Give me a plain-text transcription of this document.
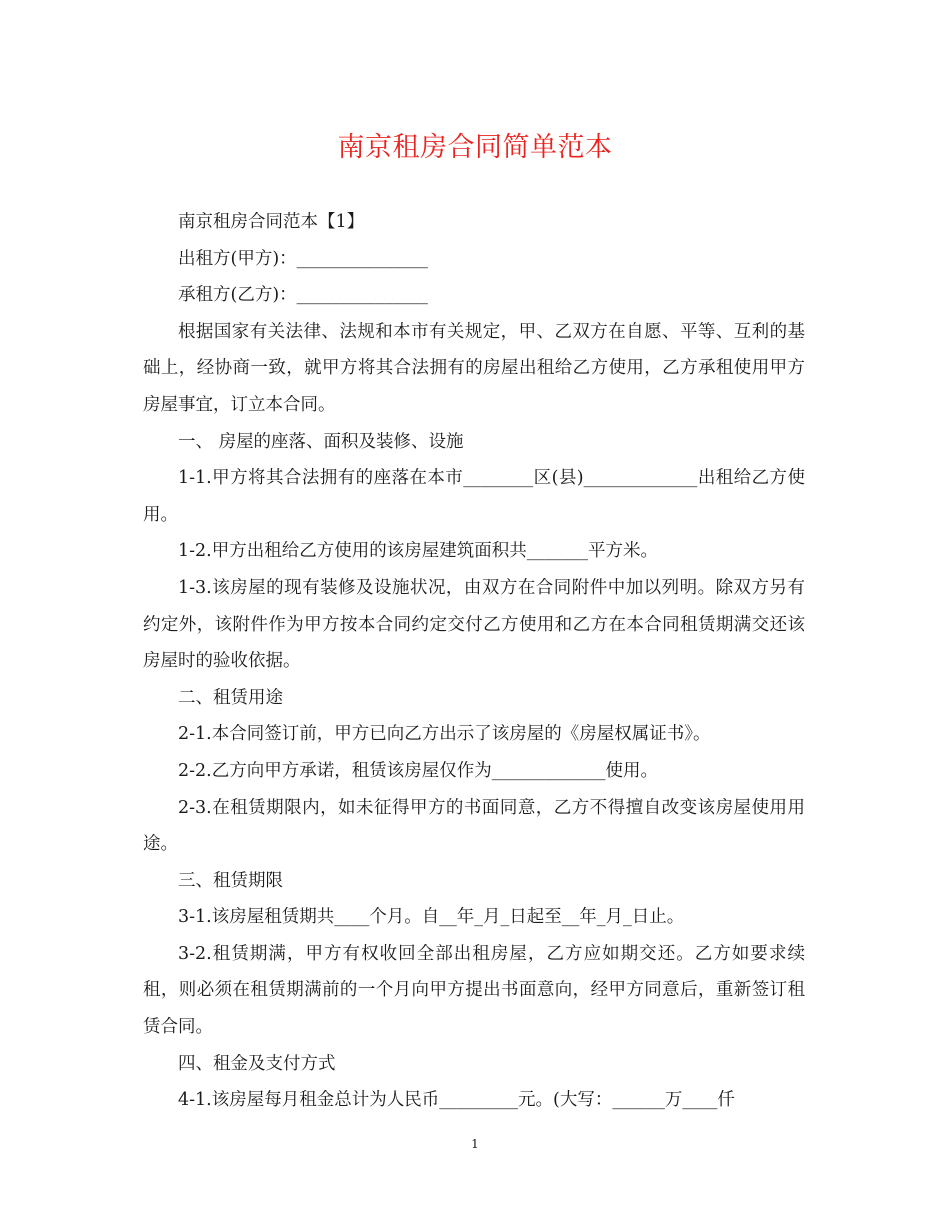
南京租房合同简单范本

南京租房合同范本【1】

出租方(甲方)：_______________

承租方(乙方)：_______________

根据国家有关法律、法规和本市有关规定，甲、乙双方在自愿、平等、互利的基础上，经协商一致，就甲方将其合法拥有的房屋出租给乙方使用，乙方承租使用甲方房屋事宜，订立本合同。

一、 房屋的座落、面积及装修、设施

1-1.甲方将其合法拥有的座落在本市________区(县)_____________出租给乙方使用。

1-2.甲方出租给乙方使用的该房屋建筑面积共_______平方米。

1-3.该房屋的现有装修及设施状况，由双方在合同附件中加以列明。除双方另有约定外，该附件作为甲方按本合同约定交付乙方使用和乙方在本合同租赁期满交还该房屋时的验收依据。

二、租赁用途

2-1.本合同签订前，甲方已向乙方出示了该房屋的《房屋权属证书》。

2-2.乙方向甲方承诺，租赁该房屋仅作为_____________使用。

2-3.在租赁期限内，如未征得甲方的书面同意，乙方不得擅自改变该房屋使用用途。

三、租赁期限

3-1.该房屋租赁期共____个月。自__年_月_日起至__年_月_日止。

3-2.租赁期满，甲方有权收回全部出租房屋，乙方应如期交还。乙方如要求续租，则必须在租赁期满前的一个月向甲方提出书面意向，经甲方同意后，重新签订租赁合同。

四、租金及支付方式

4-1.该房屋每月租金总计为人民币_________元。(大写：______万____仟

1
